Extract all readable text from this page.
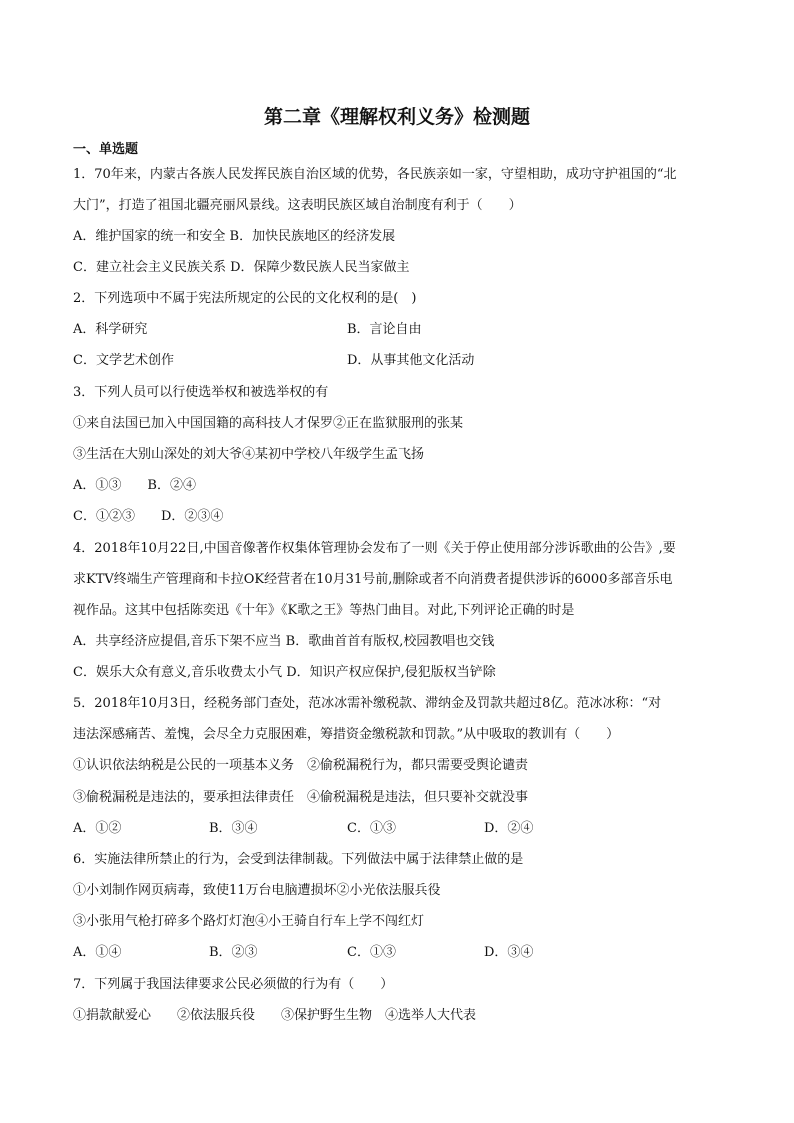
第二章《理解权利义务》检测题
一、单选题
1．70年来，内蒙古各族人民发挥民族自治区域的优势，各民族亲如一家，守望相助，成功守护祖国的“北
大门”，打造了祖国北疆亮丽风景线。这表明民族区域自治制度有利于（　　）
A．维护国家的统一和安全 B．加快民族地区的经济发展
C．建立社会主义民族关系 D．保障少数民族人民当家做主
2．下列选项中不属于宪法所规定的公民的文化权利的是(　)
A．科学研究	B．言论自由
C．文学艺术创作	D．从事其他文化活动
3．下列人员可以行使选举权和被选举权的有
①来自法国已加入中国国籍的高科技人才保罗②正在监狱服刑的张某
③生活在大别山深处的刘大爷④某初中学校八年级学生孟飞扬
A．①③　　B．②④
C．①②③　　D．②③④
4．2018年10月22日,中国音像著作权集体管理协会发布了一则《关于停止使用部分涉诉歌曲的公告》,要
求KTV终端生产管理商和卡拉OK经营者在10月31号前,删除或者不向消费者提供涉诉的6000多部音乐电
视作品。这其中包括陈奕迅《十年》《K歌之王》等热门曲目。对此,下列评论正确的时是
A．共享经济应提倡,音乐下架不应当 B．歌曲首首有版权,校园教唱也交钱
C．娱乐大众有意义,音乐收费太小气 D．知识产权应保护,侵犯版权当铲除
5．2018年10月3日，经税务部门查处，范冰冰需补缴税款、滞纳金及罚款共超过8亿。范冰冰称：“对
违法深感痛苦、羞愧，会尽全力克服困难，筹措资金缴税款和罚款。”从中吸取的教训有（　　）
①认识依法纳税是公民的一项基本义务　②偷税漏税行为，都只需要受舆论谴责
③偷税漏税是违法的，要承担法律责任　④偷税漏税是违法，但只要补交就没事
A．①②	B．③④	C．①③	D．②④
6．实施法律所禁止的行为，会受到法律制裁。下列做法中属于法律禁止做的是
①小刘制作网页病毒，致使11万台电脑遭损坏②小光依法服兵役
③小张用气枪打碎多个路灯灯泡④小王骑自行车上学不闯红灯
A．①④	B．②③	C．①③	D．③④
7．下列属于我国法律要求公民必须做的行为有（　　）
①捐款献爱心　　②依法服兵役　　③保护野生生物　④选举人大代表
